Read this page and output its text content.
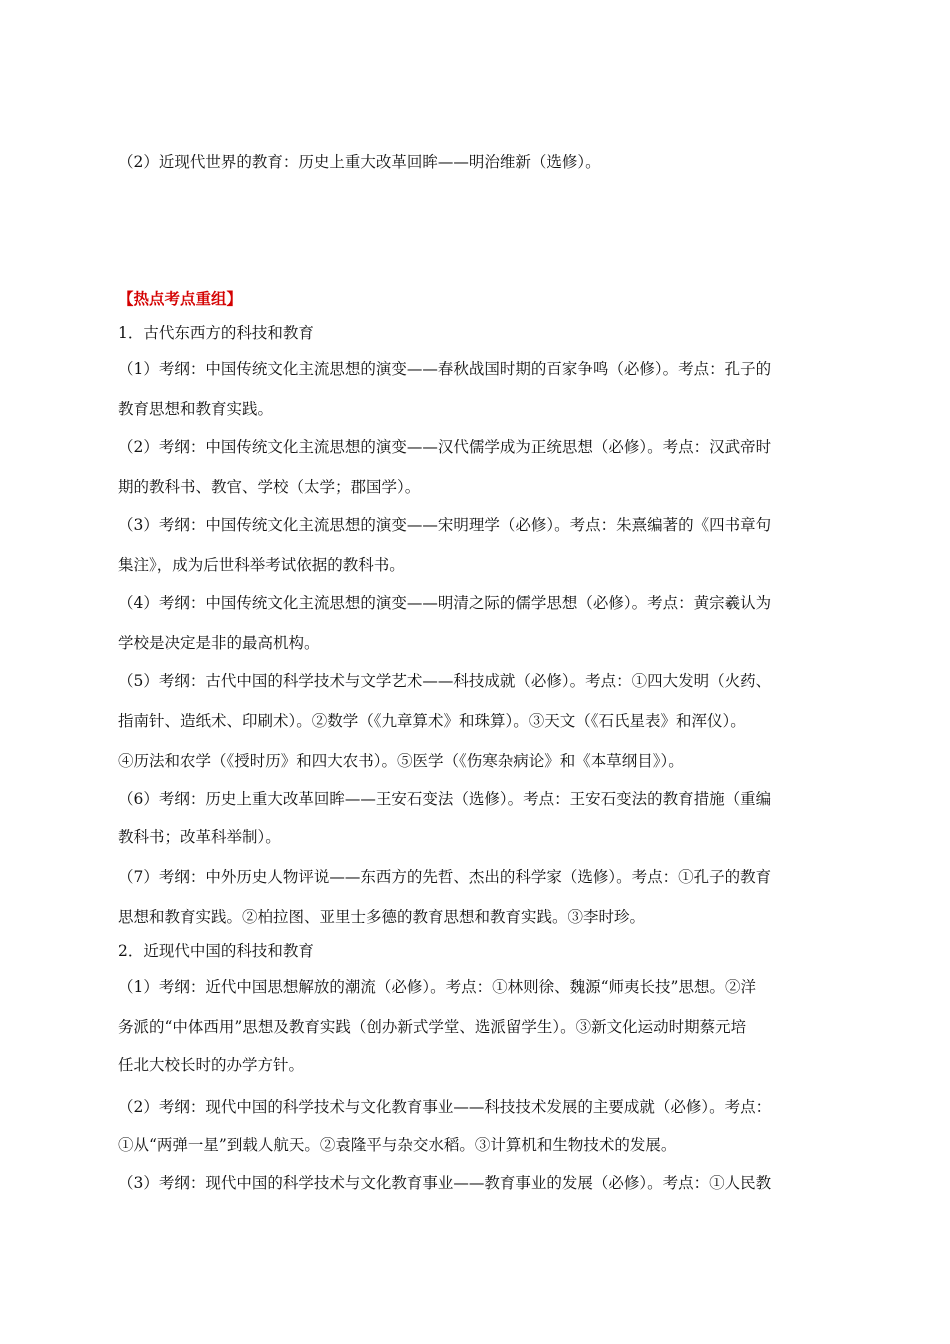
（2）近现代世界的教育：历史上重大改革回眸——明治维新（选修）。
【热点考点重组】
1．古代东西方的科技和教育
（1）考纲：中国传统文化主流思想的演变——春秋战国时期的百家争鸣（必修）。考点：孔子的
教育思想和教育实践。
（2）考纲：中国传统文化主流思想的演变——汉代儒学成为正统思想（必修）。考点：汉武帝时
期的教科书、教官、学校（太学；郡国学）。
（3）考纲：中国传统文化主流思想的演变——宋明理学（必修）。考点：朱熹编著的《四书章句
集注》，成为后世科举考试依据的教科书。
（4）考纲：中国传统文化主流思想的演变——明清之际的儒学思想（必修）。考点：黄宗羲认为
学校是决定是非的最高机构。
（5）考纲：古代中国的科学技术与文学艺术——科技成就（必修）。考点：①四大发明（火药、
指南针、造纸术、印刷术）。②数学（《九章算术》和珠算）。③天文（《石氏星表》和浑仪）。
④历法和农学（《授时历》和四大农书）。⑤医学（《伤寒杂病论》和《本草纲目》）。
（6）考纲：历史上重大改革回眸——王安石变法（选修）。考点：王安石变法的教育措施（重编
教科书；改革科举制）。
（7）考纲：中外历史人物评说——东西方的先哲、杰出的科学家（选修）。考点：①孔子的教育
思想和教育实践。②柏拉图、亚里士多德的教育思想和教育实践。③李时珍。
2．近现代中国的科技和教育
（1）考纲：近代中国思想解放的潮流（必修）。考点：①林则徐、魏源“师夷长技”思想。②洋
务派的“中体西用”思想及教育实践（创办新式学堂、选派留学生）。③新文化运动时期蔡元培
任北大校长时的办学方针。
（2）考纲：现代中国的科学技术与文化教育事业——科技技术发展的主要成就（必修）。考点：
①从“两弹一星”到载人航天。②袁隆平与杂交水稻。③计算机和生物技术的发展。
（3）考纲：现代中国的科学技术与文化教育事业——教育事业的发展（必修）。考点：①人民教
